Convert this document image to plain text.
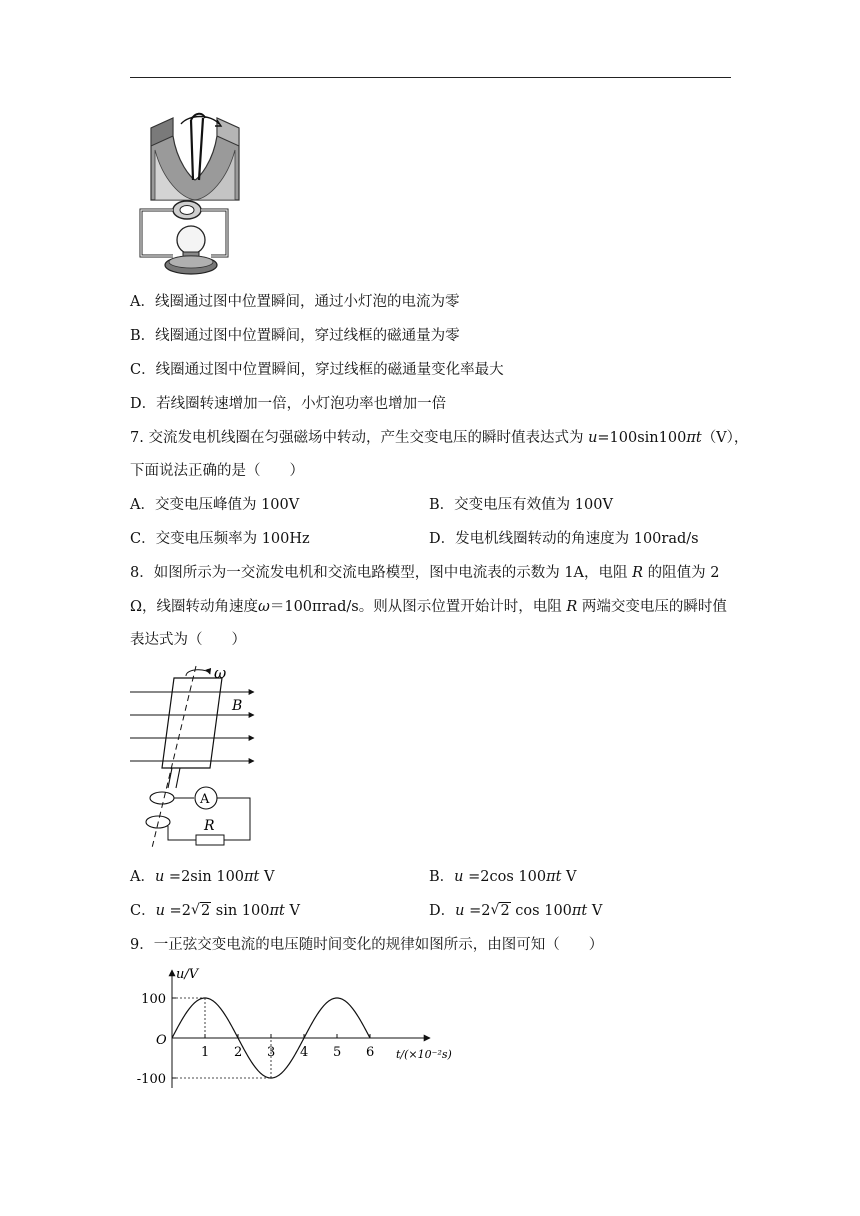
A．线圈通过图中位置瞬间，通过小灯泡的电流为零
B．线圈通过图中位置瞬间，穿过线框的磁通量为零
C．线圈通过图中位置瞬间，穿过线框的磁通量变化率最大
D．若线圈转速增加一倍，小灯泡功率也增加一倍
7. 交流发电机线圈在匀强磁场中转动，产生交变电压的瞬时值表达式为 u=100sin100πt（V），
下面说法正确的是（　　）
A．交变电压峰值为 100V	B．交变电压有效值为 100V
C．交变电压频率为 100Hz	D．发电机线圈转动的角速度为 100rad/s
8．如图所示为一交流发电机和交流电路模型，图中电流表的示数为 1A，电阻 R 的阻值为 2
Ω，线圈转动角速度ω＝100πrad/s。则从图示位置开始计时，电阻 R 两端交变电压的瞬时值
表达式为（　　）
ω
B
A
R
A．u =2sin 100πt V	B．u =2cos 100πt V
C．u =2 √ 2 sin 100πt V	D．u =2 √ 2 cos 100πt V
9．一正弦交变电流的电压随时间变化的规律如图所示，由图可知（　　）
u/V
t/(×10⁻²s)
O
1 2 3 4 5 6
100
-100
